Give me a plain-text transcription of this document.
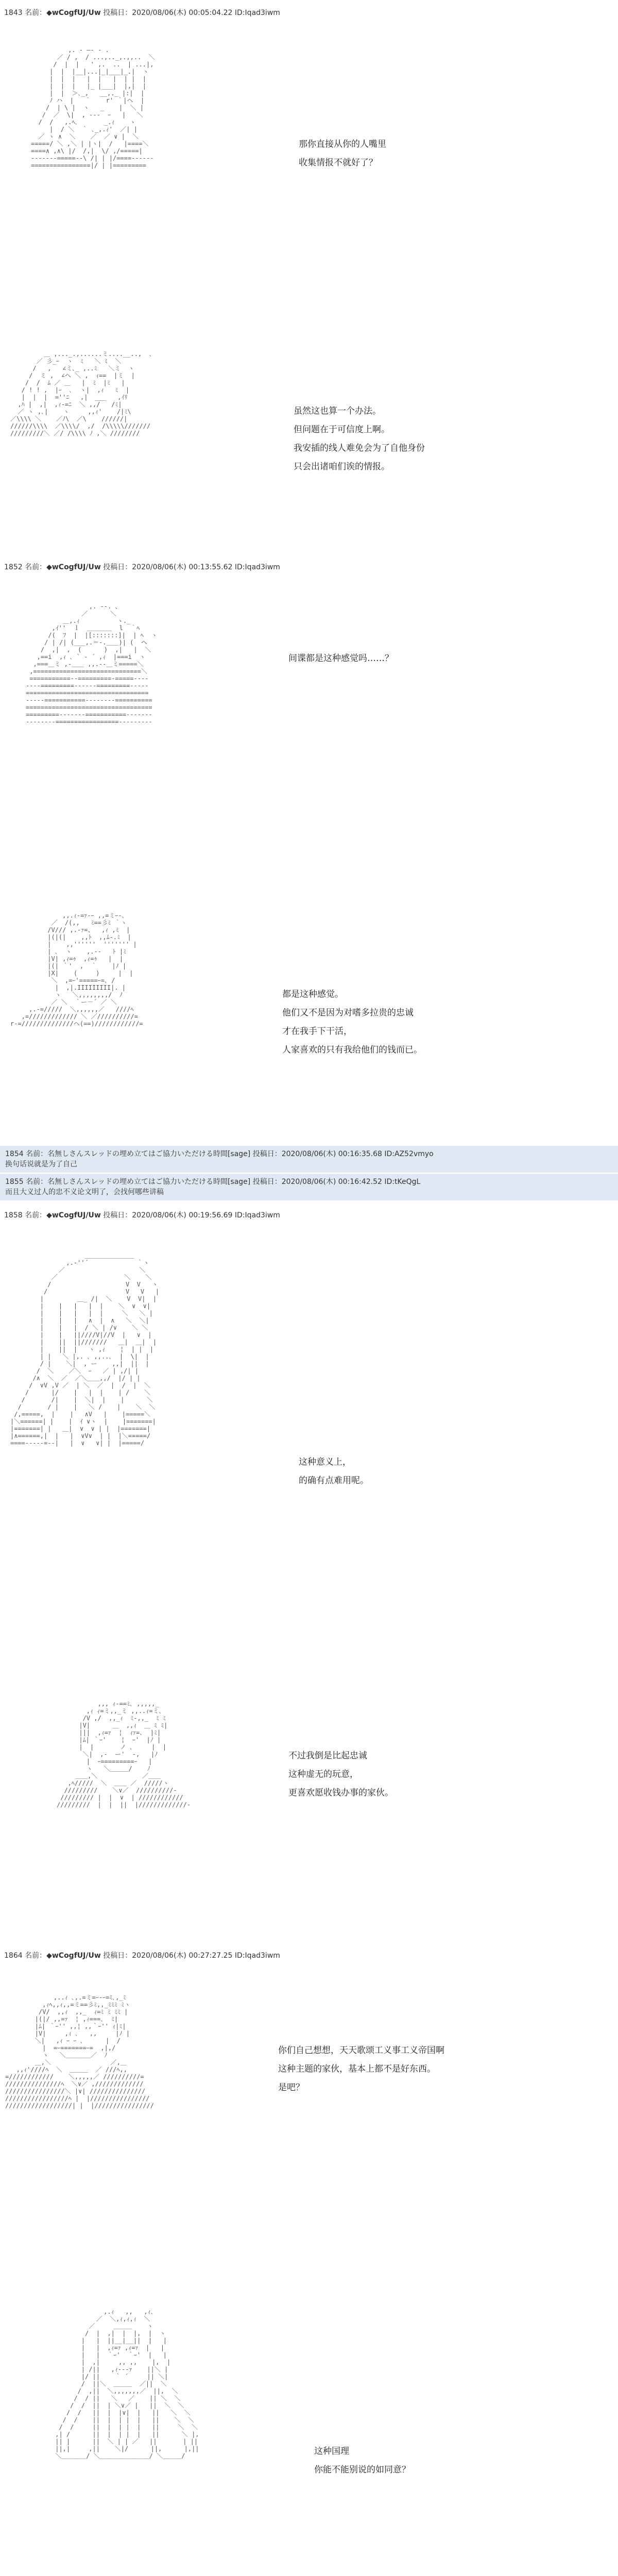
1843 名前：◆wCogfUJ/Uw 投稿日：2020/08/06(木) 00:05:04.22 ID:Iqad3iwm
,. - ―‐ - .
／ / ,  / ...,.._,.,,..  ＼
/  |  |   ' ,.  ..  | ...|,
|  |  |__|...|_|___|_.|  ヽ
|  |  |   |  |   |  | |  |
|  |  |   |_ |___|  |,|  |
|  |  ＞､_,   __,._ |:|  |
ﾉ ハ  |   ｀    r' ｀|ヘ  |
/  | \ |  ヽ   _    |  ＼ |
/  ／  \|  , ---  ｰ   |   ＼
/  /   ,.ﾍ､       _.ｨ    ヽ
|  / ＼  ｀ ､_,.ｨ'  ／| |
／ ヽ ∧  ＼    ／  ／ ∨ |  ＼
=====/ ＼ ,＼ | |ヽ|  /   |====＼
====∧ ,∧\ |/  /,|  \/ ,/=====|
-------=====--\ /| | |/====------
================|/ | |=========
那你直接从你的人嘴里
收集情报不就好了？
＿ ,..._.,......ミ....__..,  ､
／ 彡_ｰ  ヽ  ﾐ   ＼ ﾐ  ＼
/   ,   ∠ミ､_ ,..ﾐ   ＼ミ  ヽ
/  ミ ,  ∠ヘ ＼ ,  ｨ==  |ミ  |
/  /  ﾑ ／ ＿   |  ﾐ  |ﾐ   |
/ ! ! ,  |ｰ  ､  ヽ|  ,ｨ   ﾐ  |
|  |  |  =''ﾆ   ,|  ___   ,ｲﾘ
,ﾊ |  ,|  ,ｨ-=ﾆ  ＼ ,,/   /ﾐ|
／ ヽ ,､|    ヽ     ,,ｨ'    /|ﾐ\
／\\\\ ＼    ／ﾉ\  ／\    //////|
//////\\\\  ／\\\\/  ,/  /\\\\\///////
/////////＼ ／/ /\\\\ ﾉ ,＼ ////////
虽然这也算一个办法。
但问题在于可信度上啊。
我安插的线人难免会为了自他身份
只会出诸咱们诶的情报。
1852 名前：◆wCogfUJ/Uw 投稿日：2020/08/06(木) 00:13:55.62 ID:Iqad3iwm
,. -‐. 、
／      ＼
＿,.ｨ          ヽ._
,ｲ''  ｌ  ＿＿＿＿  l  ｀ﾍ
/(  ﾌ  |  |[:::::::]|  | ﾍ  ヽ
/ | /| (___,.＝-.＿＿)| (  ヘ
/  ,|  ,  (      )  ,|   |  ＼
,==i  ,ｨ ､ ` ‐ ´ ,ｨ  |===i  ヽ
,===＿ミ ,-＿＿ ,,.--＿ミ=====＼
,=============================＼
===========--=========-=====----
----=========------=========-----
=================================
-----===========--------==========
==================================
=========-------===========-------
--------=================---------
间谍都是这种感觉吗……？
,,.ｨ-=ｧ-ｰ ,,=ミｰ-､
／  /(,,   ﾐ==彡ﾐ ｀ヽ
/V/// ,.-ｧ=、  ,ｨ ,ﾐ  |
|(|(|    ,,ﾄ  ,,ﾑ-.ﾐ  |
|    ,,''''''  ''''''' |
| ､  ヽ    ,.--   ﾄ |ﾐ
|V| ,ｨ=ｩ  ,ｨ=ｩ   |  |
|(| ｀'  ,  ｀    |ﾉ |
|X|    (     )     |  |
＼  ,=ｰ'=====ｰ=､ /
|  ,|.IIIIIIIII|. |
ヽ   ＼,,,,,,,,/  ﾉ
／ ＼  ｀ー－´ ／ ＼
,.-=/////  ＼,,,,,,／   ////ﾍ
,=///////////// ＼ ／//////////=
r-=//////////////ヘ(==)////////////=
都是这种感觉。
他们又不是因为对嗜多拉贵的忠诚
才在我手下干活，
人家喜欢的只有我给他们的钱而已。
1854 名前：名無しさんスレッドの埋め立てはご協力いただける時間[sage] 投稿日：2020/08/06(木) 00:16:35.68 ID:AZ52vmyo
换句话说就是为了自己
1855 名前：名無しさんスレッドの埋め立てはご協力いただける時間[sage] 投稿日：2020/08/06(木) 00:16:42.52 ID:tKeQgL
而且大义过人的忠不义论文明了，会找何哪些讲稿
1858 名前：◆wCogfUJ/Uw 投稿日：2020/08/06(木) 00:19:56.69 ID:Iqad3iwm
＿＿＿＿＿＿＿＿
,.-''´             ｀ヽ
／                    ＼
／                  ＼    ＼
/                    V  V   ヽ
/                     V   V   |
|         ＿_ /|  ＼    V  V|  |
|    |   |   |  |    ＼  ∨  ∨|
|    |   |   |  |     ＼   ＼ |
|    |   |   ∧  |  ∧   ＼  ＼|
|    |   |  / ＼ | /∨    ＼ ＼
|    |   ||////V|//V  |   ∨  |
|    ||  ||///////   ＿|  ＿|  |
|    ||  |   ヽ ,ｨ    ¦  | |  |
| |   ＼ |,. ､ ,,..､  |  \|  |
/ |    ＼|  , ー    ,,|  ||  |
/  ＼    ／＼  ｰ   ／ | ,/| |
/∧  ＼  ／  ／＼＿＿,,/  |/ | |
/  ∨V ,V ／  | ＼  ／  |  /  |  ＼
/      |/    |   |  |    | /    ＼
/       /|    |  ＼|  |    |      ＼
/       / |    |   ＼ /    |    ＼  ＼
/,=====,  |    |   ∧V   |    |=====＼
|＼======| |    |  ｲ ∨ヽ  |    |=======|
|=======| |   ＿|  ∨  ∨ | |  |=======|
|∧======,|  |   |  ∨V∨  | |  |＼=====/
====-----=--|   |  ∨   ∨| |  |=====/
这种意义上，
的确有点难用呢。
,,, ｨ-==ﾐ､ ,,,,,_
,ｨ ｨ=ミ,,_ミ ,,..ｨ=ミ､
/V ,/  ,,_ｨ  ﾐ-,,_  ﾐ ﾐ
|V|      ＿  ,,ｨ  ＿ ﾐ ﾐ|
|||  ,ｨ=ｧ  ¦  ｨｧ=､  |ﾐ|
|ﾑ| ｀ｰ'    ¦  ｰ'  |ﾉ |
|  |       ノ ､     |  |
＼|  ,-  ー'  -,   |ﾉ
|  ｰ=========ｰ   |
ヽ   ＼＿＿＿/    ﾉ
＿＿,＼            ／＿＿
,ﾍ/////  ＼  ＿＿ ／  /////ヽ
/////////    ＼∨／  //////////-
///////// |  |  ∨  | ////////////
/////////  |  |  ||  |/////////////-
不过我倒是比起忠诚
这种虚无的玩意，
更喜欢愿收钱办事的家伙。
1864 名前：◆wCogfUJ/Uw 投稿日：2020/08/06(木) 00:27:27.25 ID:Iqad3iwm
,..ｨ ､,.=ミ=ｰ-ｰ=ﾐ､,_ﾐ
,ｨﾍ,,ｨ,,=ミ==彡ﾐ,,_ﾐﾐﾐ ﾐヽ
/V/  ,,ｨ  ,,_  ｨ=ﾐ ﾐ ﾐﾐ |
|(|/ ,,=ｧ  ¦ ,ｨ===､  ﾐ|
|ﾑ| ｀ｰ'' ,,¦ ,,｀ｰ'' ｨ|ﾐ|
|V|     ,ｨ ､   ,,     |ﾉ |
＼|   ,ｨ ｰ ｰ ､      |  /
|  =ｰ=======ｰ=  ,|,/
ヽ   ＼＿＿＿＿／  ﾉ
＿,＼                ／,＿
,,ｨ'////ﾍ  ＼  ＿＿＿  ／ ///ﾍ,,
=////////////    ＼,,,,,／ //////////=
///////////////ﾍ  ＼∨／ ,/////////////
////////////////＼ |∨| ///////////////
/////////////////ﾍ |  |////////////////
//////////////////| |  |////////////////
你们自己想想，天天歌颂工义事工义帝国啊
这种主题的家伙，基本上都不是好东西。
是吧？
,.ｨ   ,,   ,ｨ､
／  ＼,ｨ,ｨ,ｨ  ＼
／     ＿＿＿    ヽ
/  |  ,|  |  |,  |  ヽ
|   |  ||__|__||  |   |
|   |  ,ｨ=ｧ ,ｨ=ｧ  |   |
|   |  ｀ｰ'  ｀ｰ'  |   |
|  ,|     ,, ,,    |,  |
| /||   ,ｨ-‐-ｧ    ||＼ |
|/ ||    ｀ ´     || ＼|
/  ||＼  ＿＿＿  ／||  ＼
/  ,||  ＼,,,,,,,／  ||,  ＼
/  / ||   ＼   ／    || ＼  ＼
/  /  ||  | ＼∨／ |   ||  ＼  ＼
/  /   ||  |  |∨|  |   ||   ＼  ＼
/  /    ||  |  | |  |   ||    ＼  ＼
/  /     ||  |  | |  |   ||     ＼  ＼
,| /      ||  |  | |  |   ||      ＼ |,
|| |      ||  ＼ | | ／   ||       | ||
||,|     ,||    ＼|/      ||,      |,||
＼＿＿＿＿/ ＼＿＿＿＿＿＿＿＿/ ＼＿＿＿/	这种国理
你能不能别说的如同意？
